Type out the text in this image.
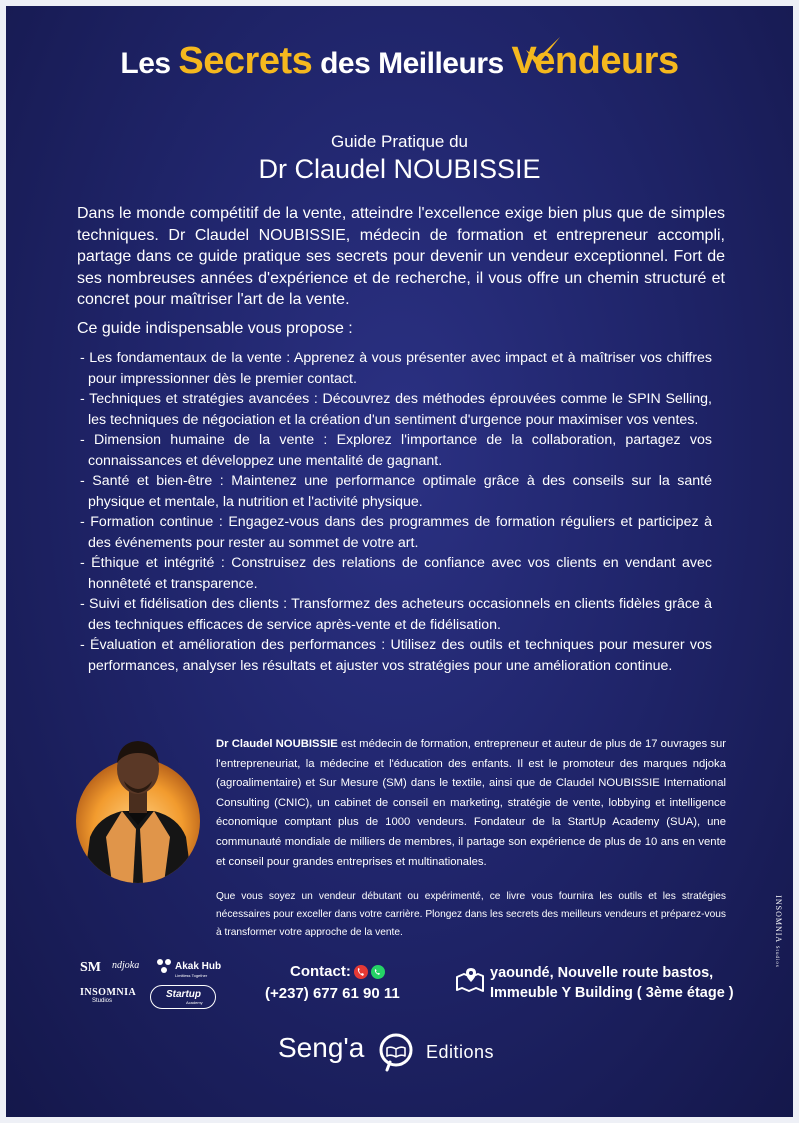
Les Secrets des Meilleurs Vendeurs
Guide Pratique du
Dr Claudel NOUBISSIE

Dans le monde compétitif de la vente, atteindre l'excellence exige bien plus que de simples techniques. Dr Claudel NOUBISSIE, médecin de formation et entrepreneur accompli, partage dans ce guide pratique ses secrets pour devenir un vendeur exceptionnel. Fort de ses nombreuses années d'expérience et de recherche, il vous offre un chemin structuré et concret pour maîtriser l'art de la vente.

Ce guide indispensable vous propose :

- Les fondamentaux de la vente : Apprenez à vous présenter avec impact et à maîtriser vos chiffres pour impressionner dès le premier contact.
- Techniques et stratégies avancées : Découvrez des méthodes éprouvées comme le SPIN Selling, les techniques de négociation et la création d'un sentiment d'urgence pour maximiser vos ventes.
- Dimension humaine de la vente : Explorez l'importance de la collaboration, partagez vos connaissances et développez une mentalité de gagnant.
- Santé et bien-être : Maintenez une performance optimale grâce à des conseils sur la santé physique et mentale, la nutrition et l'activité physique.
- Formation continue : Engagez-vous dans des programmes de formation réguliers et participez à des événements pour rester au sommet de votre art.
- Éthique et intégrité : Construisez des relations de confiance avec vos clients en vendant avec honnêteté et transparence.
- Suivi et fidélisation des clients : Transformez des acheteurs occasionnels en clients fidèles grâce à des techniques efficaces de service après-vente et de fidélisation.
- Évaluation et amélioration des performances : Utilisez des outils et techniques pour mesurer vos performances, analyser les résultats et ajuster vos stratégies pour une amélioration continue.

Dr Claudel NOUBISSIE est médecin de formation, entrepreneur et auteur de plus de 17 ouvrages sur l'entrepreneuriat, la médecine et l'éducation des enfants. Il est le promoteur des marques ndjoka (agroalimentaire) et Sur Mesure (SM) dans le textile, ainsi que de Claudel NOUBISSIE International Consulting (CNIC), un cabinet de conseil en marketing, stratégie de vente, lobbying et intelligence économique comptant plus de 1000 vendeurs. Fondateur de la StartUp Academy (SUA), une communauté mondiale de milliers de membres, il partage son expérience de plus de 10 ans en vente et conseil pour grandes entreprises et multinationales.

Que vous soyez un vendeur débutant ou expérimenté, ce livre vous fournira les outils et les stratégies nécessaires pour exceller dans votre carrière. Plongez dans les secrets des meilleurs vendeurs et préparez-vous à transformer votre approche de la vente.	INSOMNIA Studios
SM ndjoka	Akak Hub
Limitless Together
INSOMNIA
Studios
Startup
Academy
Contact:
(+237) 677 61 90 11
yaoundé, Nouvelle route bastos,
Immeuble Y Building ( 3ème étage )
Seng'a	Editions
